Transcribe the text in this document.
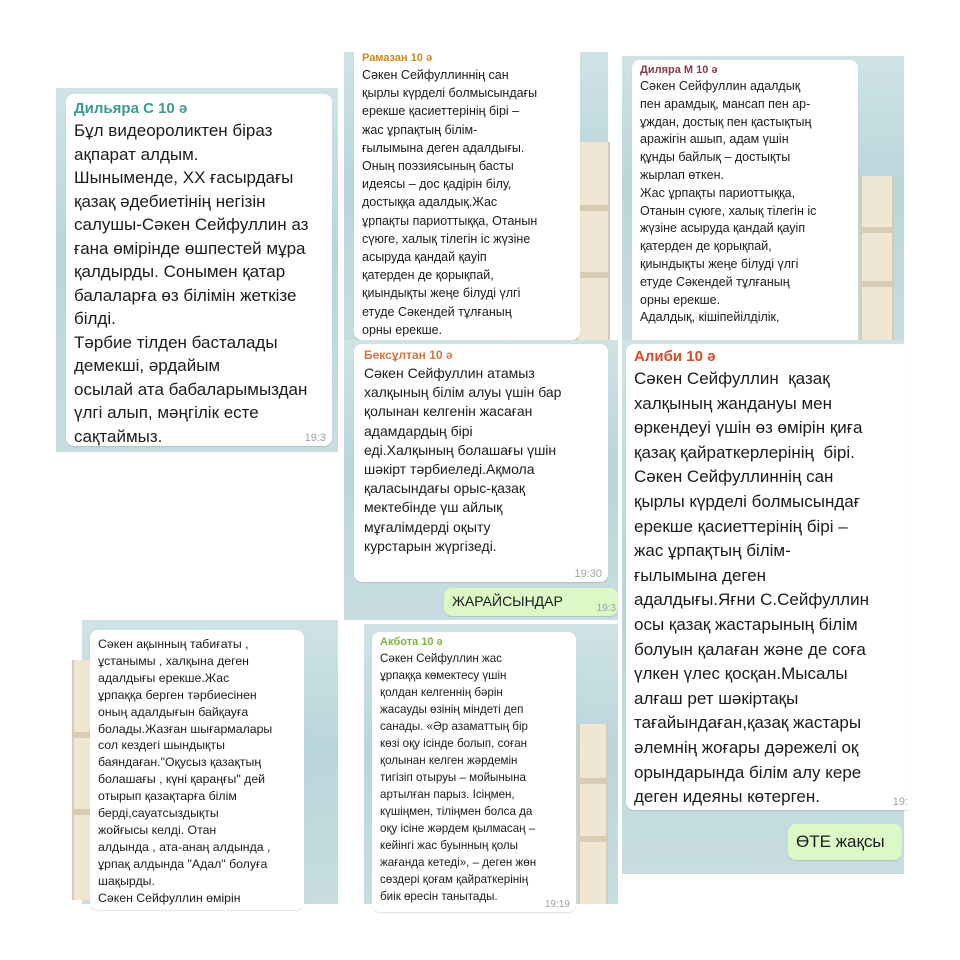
Дильяра С 10 ә
Бұл видеороликтен біраз
ақпарат алдым.
Шыныменде, XX ғасырдағы
қазақ әдебиетінің негізін
салушы-Сәкен Сейфуллин аз
ғана өмірінде өшпестей мұра
қалдырды. Сонымен қатар
балаларға өз білімін жеткізе
білді.
Тәрбие тілден басталады
демекші, әрдайым
осылай ата бабаларымыздан
үлгі алып, мәңгілік есте
сақтаймыз.	19:3
Рамазан 10 ә
Сәкен Сейфуллиннің сан
қырлы күрделі болмысындағы
ерекше қасиеттерінің бірі –
жас ұрпақтың білім-
ғылымына деген адалдығы.
Оның поэзиясының басты
идеясы – дос қадірін білу,
достыққа адалдық.Жас
ұрпақты париоттыққа, Отанын
сүюге, халық тілегін іс жүзіне
асыруда қандай қауіп
қатерден де қорықпай,
қиындықты жеңе білуді үлгі
етуде Сәкендей тұлғаның
орны ерекше.
Диляра М 10 ә
Сәкен Сейфуллин адалдық
пен арамдық, мансап пен ар-
ұждан, достық пен қастықтың
аражігін ашып, адам үшін
құнды байлық – достықты
жырлап өткен.
Жас ұрпақты париоттыққа,
Отанын сүюге, халық тілегін іс
жүзіне асыруда қандай қауіп
қатерден де қорықпай,
қиындықты жеңе білуді үлгі
етуде Сәкендей тұлғаның
орны ерекше.
Адалдық, кішіпейілділік,
Бексұлтан 10 ә
Сәкен Сейфуллин атамыз
халқының білім алуы үшін бар
қолынан келгенін жасаған
адамдардың бірі
еді.Халқының болашағы үшін
шәкірт тәрбиеледі.Ақмола
қаласындағы орыс-қазақ
мектебінде үш айлық
мұғалімдерді оқыту
курстарын жүргізеді.
19:30
ЖАРАЙСЫНДАР	19:3
Алиби 10 ә
Сәкен Сейфуллин  қазақ
халқының жандануы мен
өркендеуі үшін өз өмірін қиға
қазақ қайраткерлерінің  бірі.
Сәкен Сейфуллиннің сан
қырлы күрделі болмысындағ
ерекше қасиеттерінің бірі –
жас ұрпақтың білім-
ғылымына деген
адалдығы.Яғни С.Сейфуллин
осы қазақ жастарының білім
болуын қалаған және де соға
үлкен үлес қосқан.Мысалы
алғаш рет шәкіртақы
тағайындаған,қазақ жастары
әлемнің жоғары дәрежелі оқ
орындарында білім алу керe
деген идеяны көтерген.	19:
ӨТЕ жақсы
Сәкен ақынның табиғаты ,
ұстанымы , халқына деген
адалдығы ерекше.Жас
ұрпаққа берген тәрбиесінен
оның адалдығын байқауға
болады.Жазған шығармалары
сол кездегі шындықты
баяндаған."Оқусыз қазақтың
болашағы , күні қараңғы" дей
отырып қазақтарға білім
берді,сауатсыздықты
жойғысы келді. Отан
алдында , ата-анаң алдында ,
ұрпақ алдында "Адал" болуға
шақырды.
Сәкен Сейфуллин өмірін
Акбота 10 ә
Сәкен Сейфуллин жас
ұрпаққа көмектесу үшін
қолдан келгеннің бәрін
жасауды өзінің міндеті деп
санады. «Әр азаматтың бір
көзі оқу ісінде болып, соған
қолынан келген жәрдемін
тигізіп отыруы – мойынына
артылған парыз. Ісіңмен,
күшіңмен, тіліңмен болса да
оқу ісіне жәрдем қылмасаң –
кейінгі жас буынның қолы
жағанда кетеді», – деген жөн
сөздері қоғам қайраткерінің
биік өресін танытады.
19:19
